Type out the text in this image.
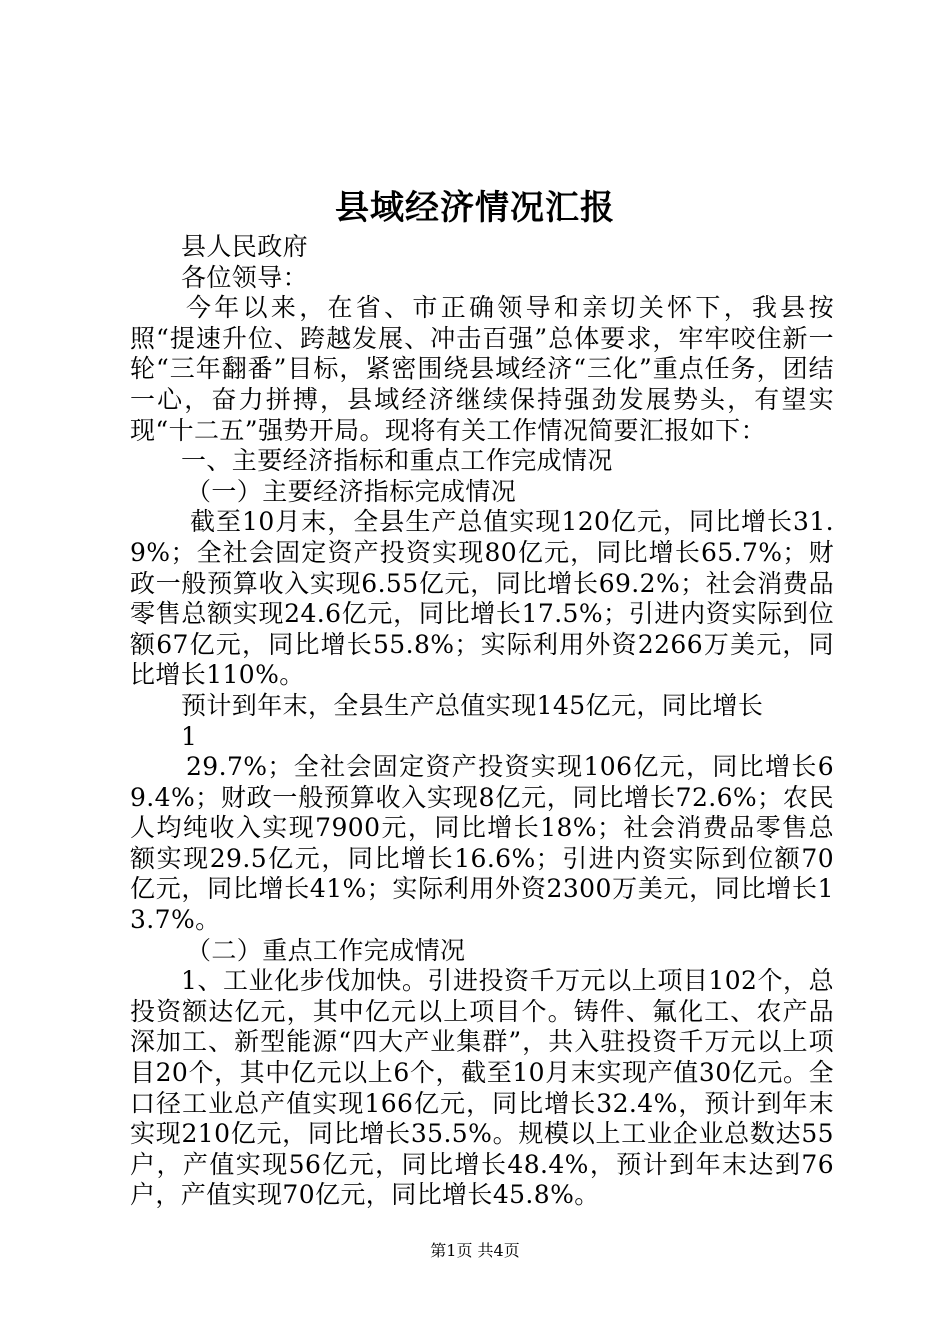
县域经济情况汇报

县人民政府

各位领导：

今年以来，在省、市正确领导和亲切关怀下，我县按照“提速升位、跨越发展、冲击百强”总体要求，牢牢咬住新一轮“三年翻番”目标，紧密围绕县域经济“三化”重点任务，团结一心，奋力拼搏，县域经济继续保持强劲发展势头，有望实现“十二五”强势开局。现将有关工作情况简要汇报如下：

一、主要经济指标和重点工作完成情况

（一）主要经济指标完成情况

截至10月末，全县生产总值实现120亿元，同比增长31.9%；全社会固定资产投资实现80亿元，同比增长65.7%；财政一般预算收入实现6.55亿元，同比增长69.2%；社会消费品零售总额实现24.6亿元，同比增长17.5%；引进内资实际到位额67亿元，同比增长55.8%；实际利用外资2266万美元，同比增长110%。

预计到年末，全县生产总值实现145亿元，同比增长

1

29.7%；全社会固定资产投资实现106亿元，同比增长69.4%；财政一般预算收入实现8亿元，同比增长72.6%；农民人均纯收入实现7900元，同比增长18%；社会消费品零售总额实现29.5亿元，同比增长16.6%；引进内资实际到位额70亿元，同比增长41%；实际利用外资2300万美元，同比增长13.7%。

（二）重点工作完成情况

1、工业化步伐加快。引进投资千万元以上项目102个，总投资额达亿元，其中亿元以上项目个。铸件、氟化工、农产品深加工、新型能源“四大产业集群”，共入驻投资千万元以上项目20个，其中亿元以上6个，截至10月末实现产值30亿元。全口径工业总产值实现166亿元，同比增长32.4%，预计到年末实现210亿元，同比增长35.5%。规模以上工业企业总数达55户，产值实现56亿元，同比增长48.4%，预计到年末达到76户，产值实现70亿元，同比增长45.8%。

第1页 共4页
